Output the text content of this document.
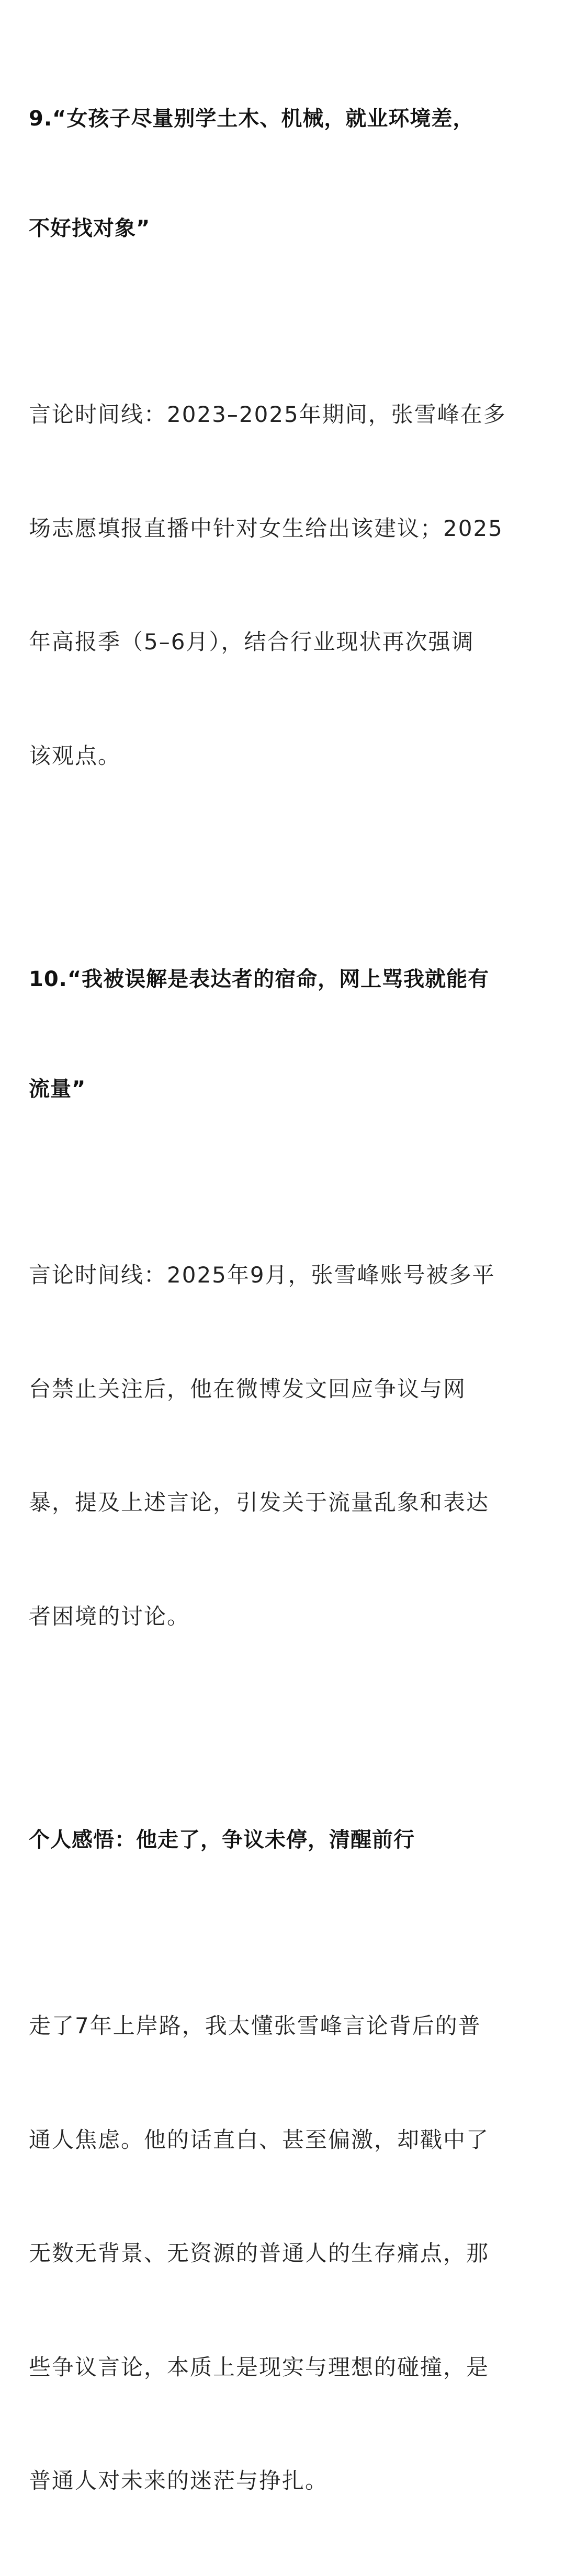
9.“女孩子尽量别学土木、机械，就业环境差，

不好找对象”

言论时间线：2023–2025年期间，张雪峰在多

场志愿填报直播中针对女生给出该建议；2025

年高报季（5–6月），结合行业现状再次强调

该观点。

10.“我被误解是表达者的宿命，网上骂我就能有

流量”

言论时间线：2025年9月，张雪峰账号被多平

台禁止关注后，他在微博发文回应争议与网

暴，提及上述言论，引发关于流量乱象和表达

者困境的讨论。

个人感悟：他走了，争议未停，清醒前行

走了7年上岸路，我太懂张雪峰言论背后的普

通人焦虑。他的话直白、甚至偏激，却戳中了

无数无背景、无资源的普通人的生存痛点，那

些争议言论，本质上是现实与理想的碰撞，是

普通人对未来的迷茫与挣扎。
